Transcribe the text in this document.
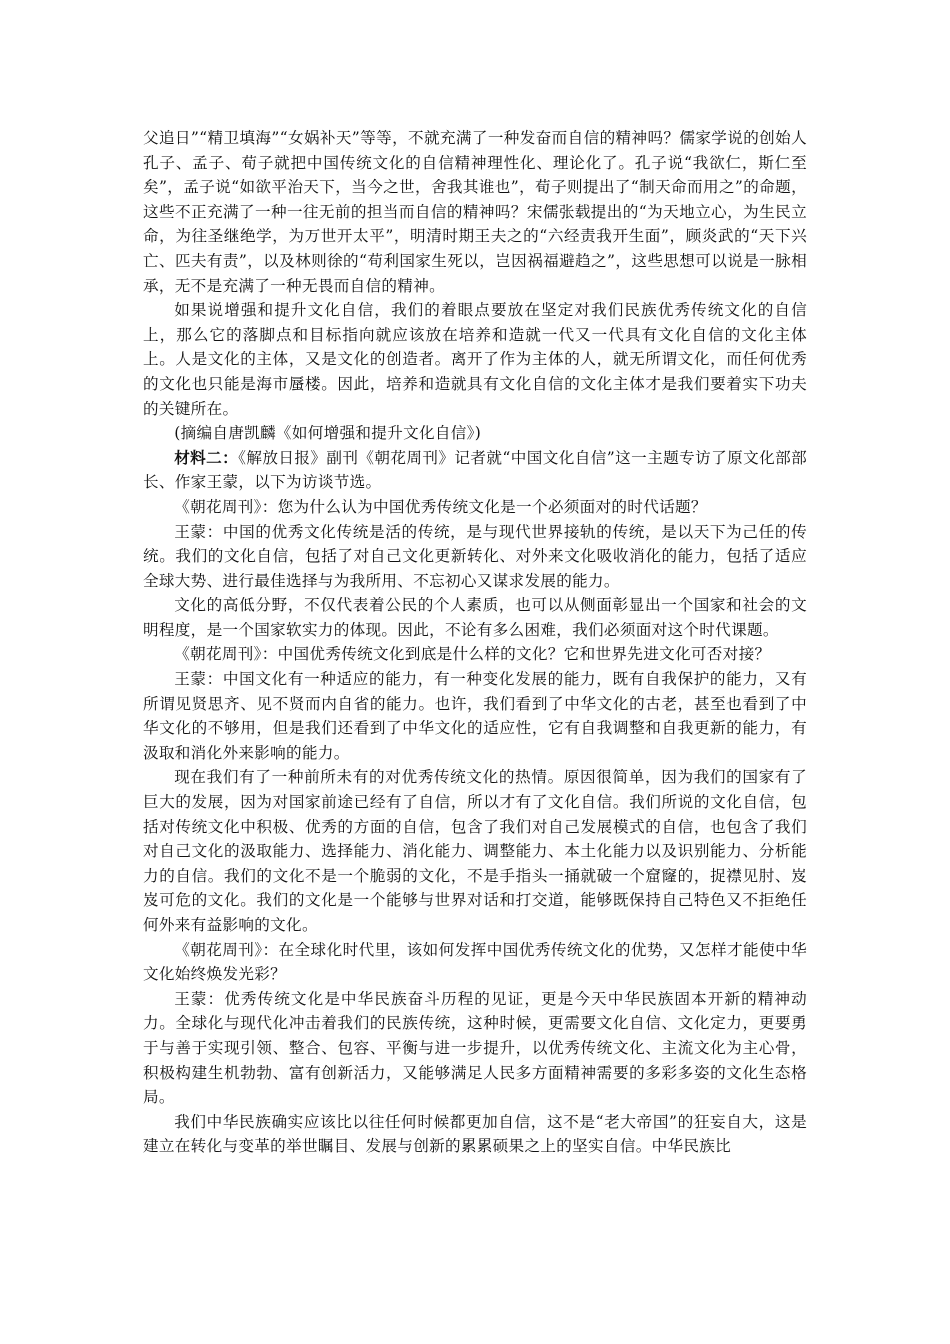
父追日”“精卫填海”“女娲补天”等等，不就充满了一种发奋而自信的精神吗？儒家学说的创始人孔子、孟子、荀子就把中国传统文化的自信精神理性化、理论化了。孔子说“我欲仁，斯仁至矣”，孟子说“如欲平治天下，当今之世，舍我其谁也”，荀子则提出了“制天命而用之”的命题，这些不正充满了一种一往无前的担当而自信的精神吗？宋儒张载提出的“为天地立心，为生民立命，为往圣继绝学，为万世开太平”，明清时期王夫之的“六经责我开生面”，顾炎武的“天下兴亡、匹夫有责”，以及林则徐的“苟利国家生死以，岂因祸福避趋之”，这些思想可以说是一脉相承，无不是充满了一种无畏而自信的精神。

如果说增强和提升文化自信，我们的着眼点要放在坚定对我们民族优秀传统文化的自信上，那么它的落脚点和目标指向就应该放在培养和造就一代又一代具有文化自信的文化主体上。人是文化的主体，又是文化的创造者。离开了作为主体的人，就无所谓文化，而任何优秀的文化也只能是海市蜃楼。因此，培养和造就具有文化自信的文化主体才是我们要着实下功夫的关键所在。

(摘编自唐凯麟《如何增强和提升文化自信》)

材料二：《解放日报》副刊《朝花周刊》记者就“中国文化自信”这一主题专访了原文化部部长、作家王蒙，以下为访谈节选。

《朝花周刊》：您为什么认为中国优秀传统文化是一个必须面对的时代话题？

王蒙：中国的优秀文化传统是活的传统，是与现代世界接轨的传统，是以天下为己任的传统。我们的文化自信，包括了对自己文化更新转化、对外来文化吸收消化的能力，包括了适应全球大势、进行最佳选择与为我所用、不忘初心又谋求发展的能力。

文化的高低分野，不仅代表着公民的个人素质，也可以从侧面彰显出一个国家和社会的文明程度，是一个国家软实力的体现。因此，不论有多么困难，我们必须面对这个时代课题。

《朝花周刊》：中国优秀传统文化到底是什么样的文化？它和世界先进文化可否对接？

王蒙：中国文化有一种适应的能力，有一种变化发展的能力，既有自我保护的能力，又有所谓见贤思齐、见不贤而内自省的能力。也许，我们看到了中华文化的古老，甚至也看到了中华文化的不够用，但是我们还看到了中华文化的适应性，它有自我调整和自我更新的能力，有汲取和消化外来影响的能力。

现在我们有了一种前所未有的对优秀传统文化的热情。原因很简单，因为我们的国家有了巨大的发展，因为对国家前途已经有了自信，所以才有了文化自信。我们所说的文化自信，包括对传统文化中积极、优秀的方面的自信，包含了我们对自己发展模式的自信，也包含了我们对自己文化的汲取能力、选择能力、消化能力、调整能力、本土化能力以及识别能力、分析能力的自信。我们的文化不是一个脆弱的文化，不是手指头一捅就破一个窟窿的，捉襟见肘、岌岌可危的文化。我们的文化是一个能够与世界对话和打交道，能够既保持自己特色又不拒绝任何外来有益影响的文化。

《朝花周刊》：在全球化时代里，该如何发挥中国优秀传统文化的优势，又怎样才能使中华文化始终焕发光彩？

王蒙：优秀传统文化是中华民族奋斗历程的见证，更是今天中华民族固本开新的精神动力。全球化与现代化冲击着我们的民族传统，这种时候，更需要文化自信、文化定力，更要勇于与善于实现引领、整合、包容、平衡与进一步提升，以优秀传统文化、主流文化为主心骨，积极构建生机勃勃、富有创新活力，又能够满足人民多方面精神需要的多彩多姿的文化生态格局。

我们中华民族确实应该比以往任何时候都更加自信，这不是“老大帝国”的狂妄自大，这是建立在转化与变革的举世瞩目、发展与创新的累累硕果之上的坚实自信。中华民族比
